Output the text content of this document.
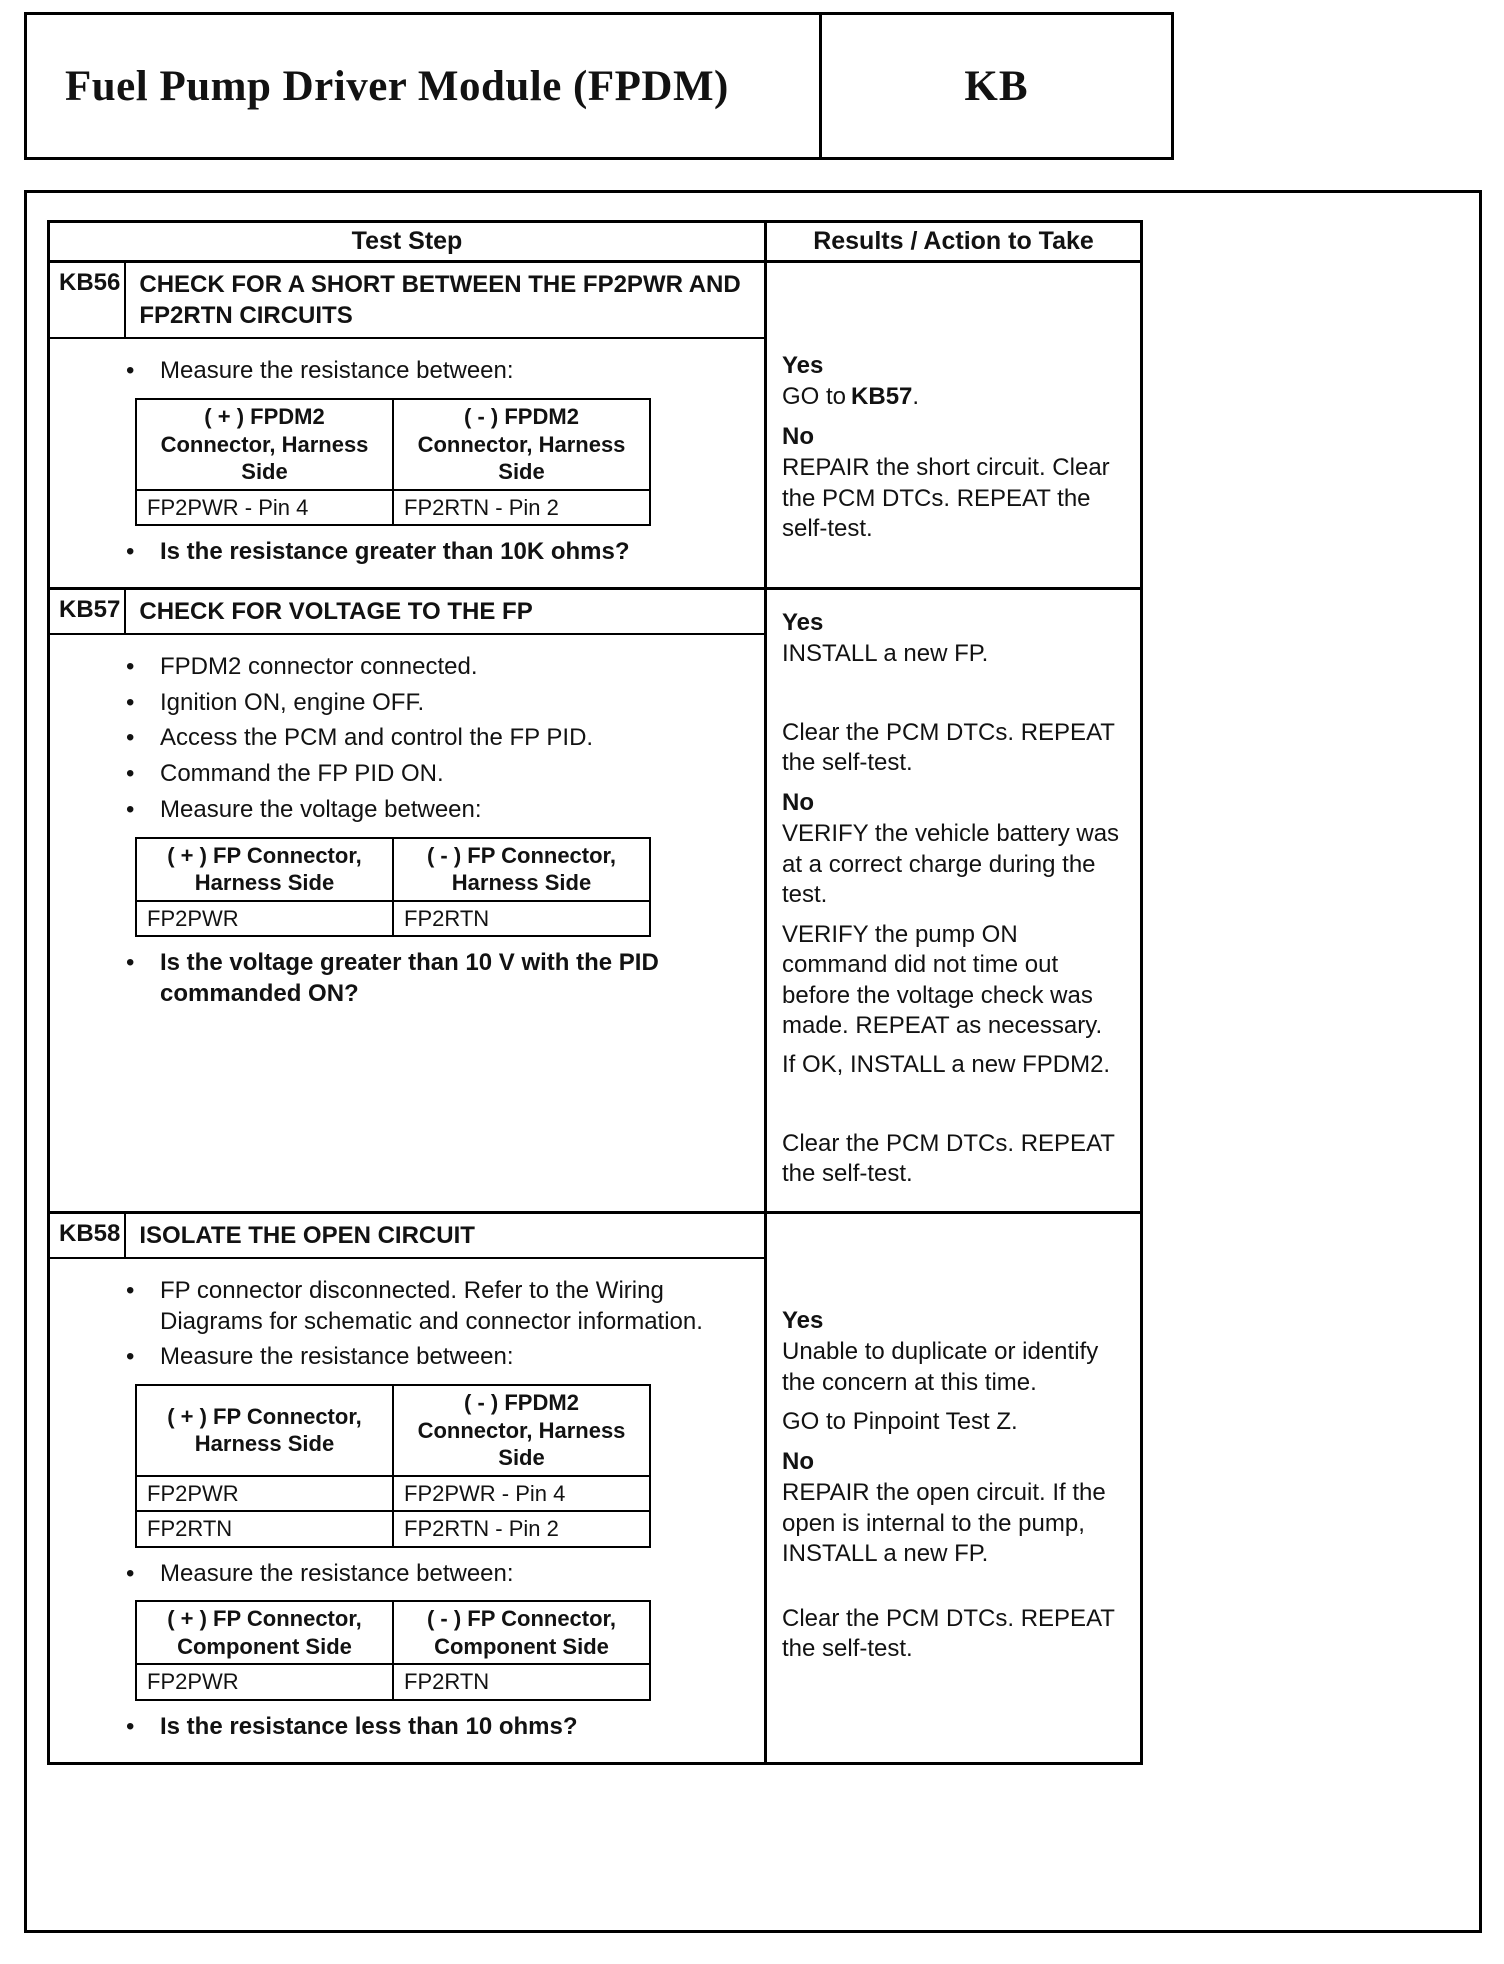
Fuel Pump Driver Module (FPDM)	KB
Test Step	Results / Action to Take
KB56 CHECK FOR A SHORT BETWEEN THE FP2PWR AND FP2RTN CIRCUITS
•	Measure the resistance between:
( + ) FPDM2 Connector, Harness Side	( - ) FPDM2 Connector, Harness Side
FP2PWR - Pin 4	FP2RTN - Pin 2
•	Is the resistance greater than 10K ohms?
Yes
GO to KB57.
No
REPAIR the short circuit. Clear the PCM DTCs. REPEAT the self-test.
KB57 CHECK FOR VOLTAGE TO THE FP
•	FPDM2 connector connected.
•	Ignition ON, engine OFF.
•	Access the PCM and control the FP PID.
•	Command the FP PID ON.
•	Measure the voltage between:
( + ) FP Connector, Harness Side	( - ) FP Connector, Harness Side
FP2PWR	FP2RTN
•	Is the voltage greater than 10 V with the PID commanded ON?
Yes
INSTALL a new FP.
Clear the PCM DTCs. REPEAT the self-test.
No
VERIFY the vehicle battery was at a correct charge during the test.
VERIFY the pump ON command did not time out before the voltage check was made. REPEAT as necessary.
If OK, INSTALL a new FPDM2.
Clear the PCM DTCs. REPEAT the self-test.
KB58 ISOLATE THE OPEN CIRCUIT
•	FP connector disconnected. Refer to the Wiring Diagrams for schematic and connector information.
•	Measure the resistance between:
( + ) FP Connector, Harness Side	( - ) FPDM2 Connector, Harness Side
FP2PWR	FP2PWR - Pin 4
FP2RTN	FP2RTN - Pin 2
•	Measure the resistance between:
( + ) FP Connector, Component Side	( - ) FP Connector, Component Side
FP2PWR	FP2RTN
•	Is the resistance less than 10 ohms?
Yes
Unable to duplicate or identify the concern at this time.
GO to Pinpoint Test Z.
No
REPAIR the open circuit. If the open is internal to the pump, INSTALL a new FP.
Clear the PCM DTCs. REPEAT the self-test.
